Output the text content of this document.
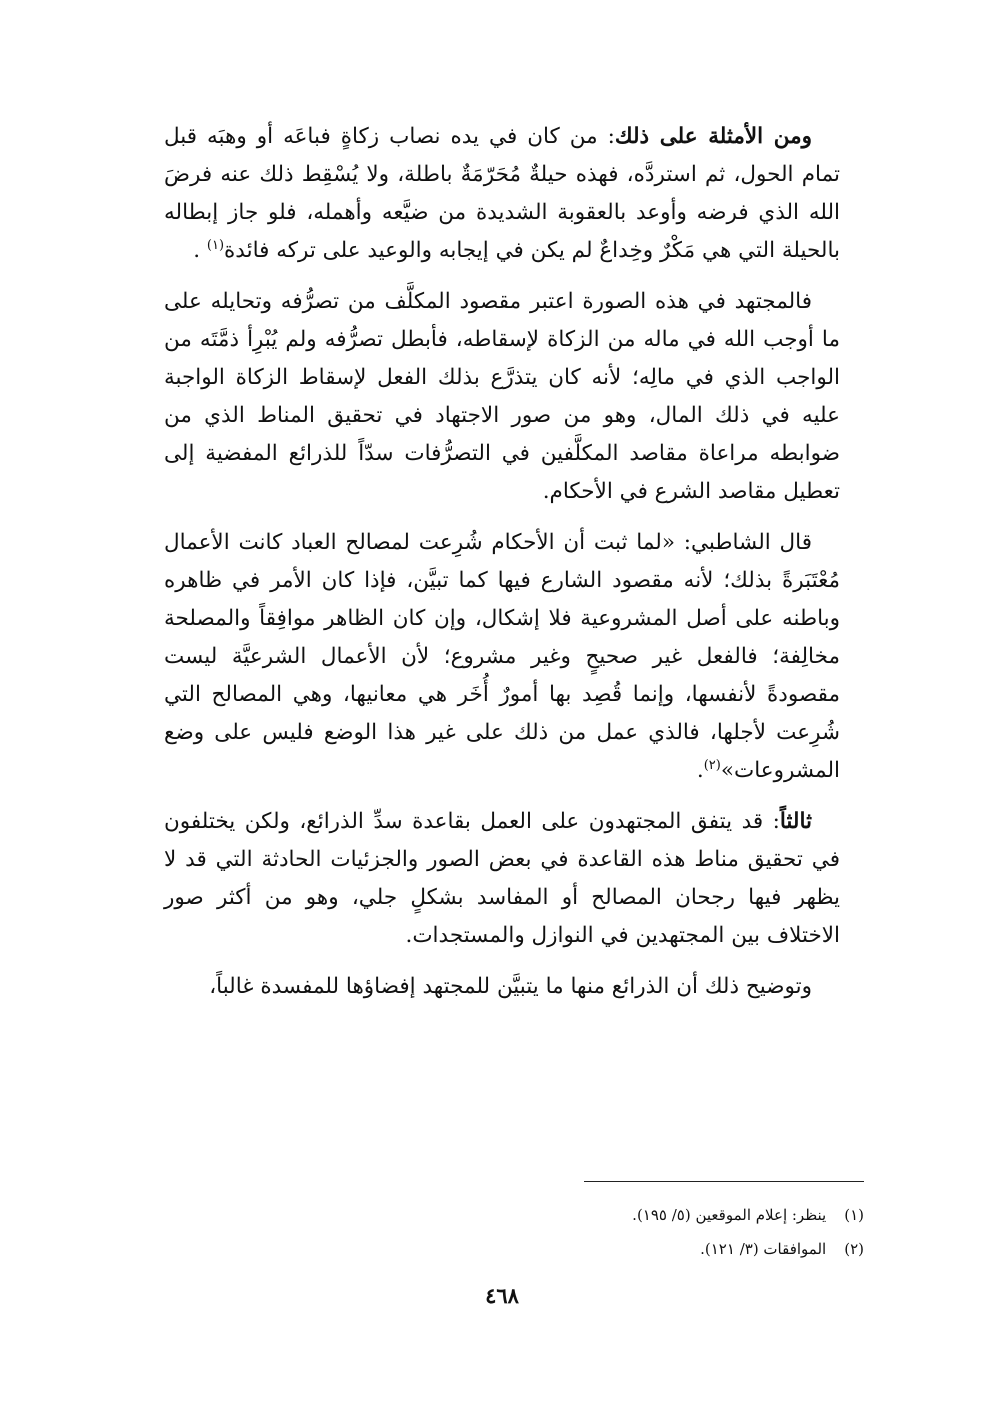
ومن الأمثلة على ذلك: من كان في يده نصاب زكاةٍ فباعَه أو وهبَه قبل تمام الحول، ثم استردَّه، فهذه حيلةٌ مُحَرّمَةٌ باطلة، ولا يُسْقِط ذلك عنه فرضَ الله الذي فرضه وأوعد بالعقوبة الشديدة من ضيَّعه وأهمله، فلو جاز إبطاله بالحيلة التي هي مَكْرٌ وخِداعٌ لم يكن في إيجابه والوعيد على تركه فائدة$^{(١)}$ .

فالمجتهد في هذه الصورة اعتبر مقصود المكلَّف من تصرُّفه وتحايله على ما أوجب الله في ماله من الزكاة لإسقاطه، فأبطل تصرُّفه ولم يُبْرِأ ذمَّتَه من الواجب الذي في مالِه؛ لأنه كان يتذرَّع بذلك الفعل لإسقاط الزكاة الواجبة عليه في ذلك المال، وهو من صور الاجتهاد في تحقيق المناط الذي من ضوابطه مراعاة مقاصد المكلَّفين في التصرُّفات سدّاً للذرائع المفضية إلى تعطيل مقاصد الشرع في الأحكام.

قال الشاطبي: «لما ثبت أن الأحكام شُرِعت لمصالح العباد كانت الأعمال مُعْتَبَرةً بذلك؛ لأنه مقصود الشارع فيها كما تبيَّن، فإذا كان الأمر في ظاهره وباطنه على أصل المشروعية فلا إشكال، وإن كان الظاهر موافِقاً والمصلحة مخالِفة؛ فالفعل غير صحيحٍ وغير مشروع؛ لأن الأعمال الشرعيَّة ليست مقصودةً لأنفسها، وإنما قُصِد بها أمورٌ أُخَر هي معانيها، وهي المصالح التي شُرِعت لأجلها، فالذي عمل من ذلك على غير هذا الوضع فليس على وضع المشروعات»$^{(٢)}$.

ثالثاً: قد يتفق المجتهدون على العمل بقاعدة سدِّ الذرائع، ولكن يختلفون في تحقيق مناط هذه القاعدة في بعض الصور والجزئيات الحادثة التي قد لا يظهر فيها رجحان المصالح أو المفاسد بشكلٍ جلي، وهو من أكثر صور الاختلاف بين المجتهدين في النوازل والمستجدات.

وتوضيح ذلك أن الذرائع منها ما يتبيَّن للمجتهد إفضاؤها للمفسدة غالباً،

(١)
ينظر: إعلام الموقعين (٥/ ١٩٥).

(٢)
الموافقات (٣/ ١٢١).

٤٦٨
